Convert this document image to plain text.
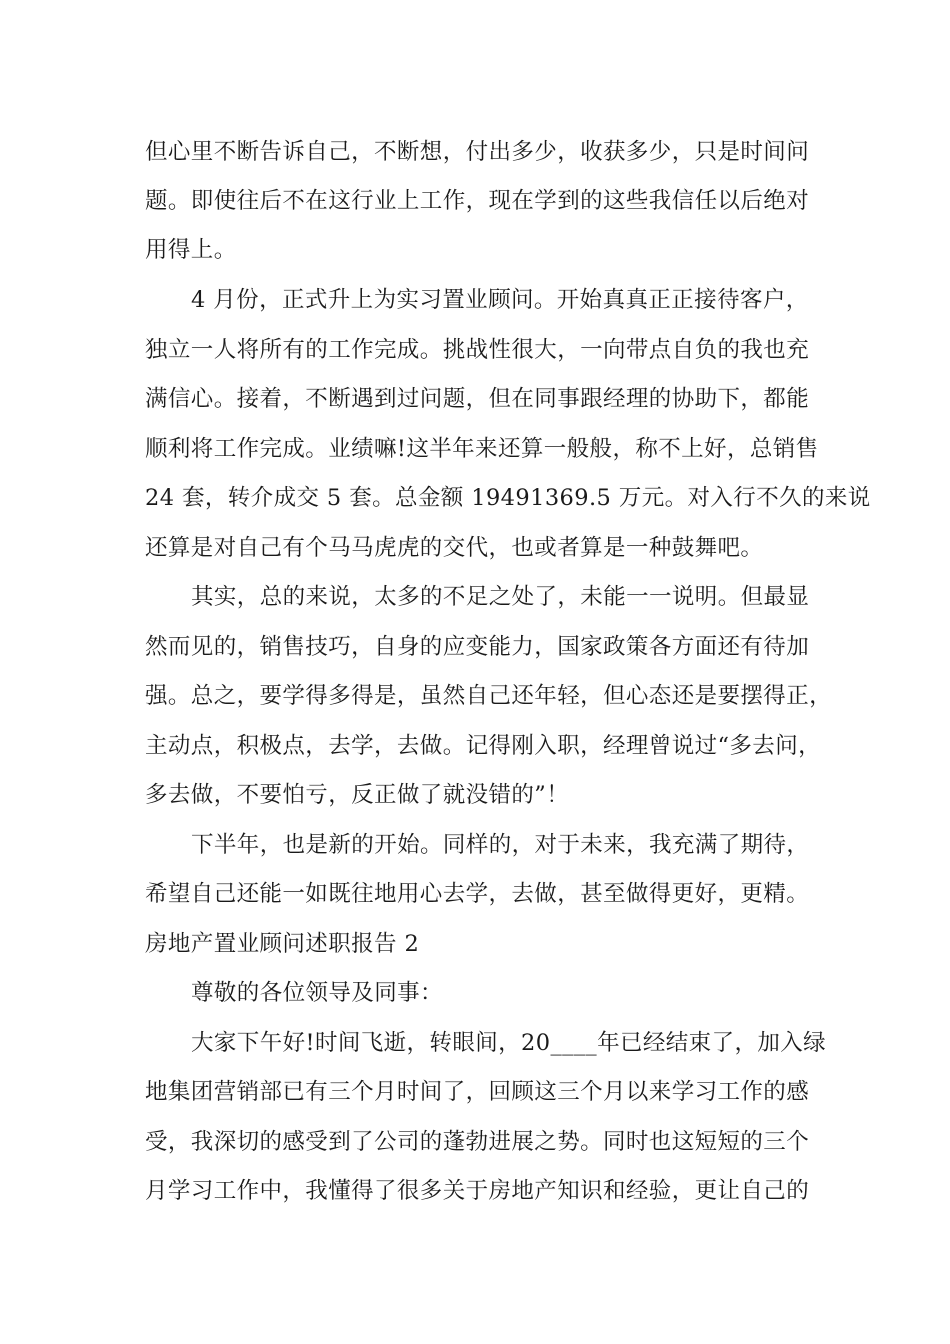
但心里不断告诉自己，不断想，付出多少，收获多少，只是时间问
题。即使往后不在这行业上工作，现在学到的这些我信任以后绝对
用得上。
4 月份，正式升上为实习置业顾问。开始真真正正接待客户，
独立一人将所有的工作完成。挑战性很大，一向带点自负的我也充
满信心。接着，不断遇到过问题，但在同事跟经理的协助下，都能
顺利将工作完成。业绩嘛!这半年来还算一般般，称不上好，总销售
24 套，转介成交 5 套。总金额 19491369.5 万元。对入行不久的来说
还算是对自己有个马马虎虎的交代，也或者算是一种鼓舞吧。
其实，总的来说，太多的不足之处了，未能一一说明。但最显
然而见的，销售技巧，自身的应变能力，国家政策各方面还有待加
强。总之，要学得多得是，虽然自己还年轻，但心态还是要摆得正，
主动点，积极点，去学，去做。记得刚入职，经理曾说过“多去问，
多去做，不要怕亏，反正做了就没错的”！
下半年，也是新的开始。同样的，对于未来，我充满了期待，
希望自己还能一如既往地用心去学，去做，甚至做得更好，更精。
房地产置业顾问述职报告 2
尊敬的各位领导及同事：
大家下午好!时间飞逝，转眼间，20____年已经结束了，加入绿
地集团营销部已有三个月时间了，回顾这三个月以来学习工作的感
受，我深切的感受到了公司的蓬勃进展之势。同时也这短短的三个
月学习工作中，我懂得了很多关于房地产知识和经验，更让自己的
